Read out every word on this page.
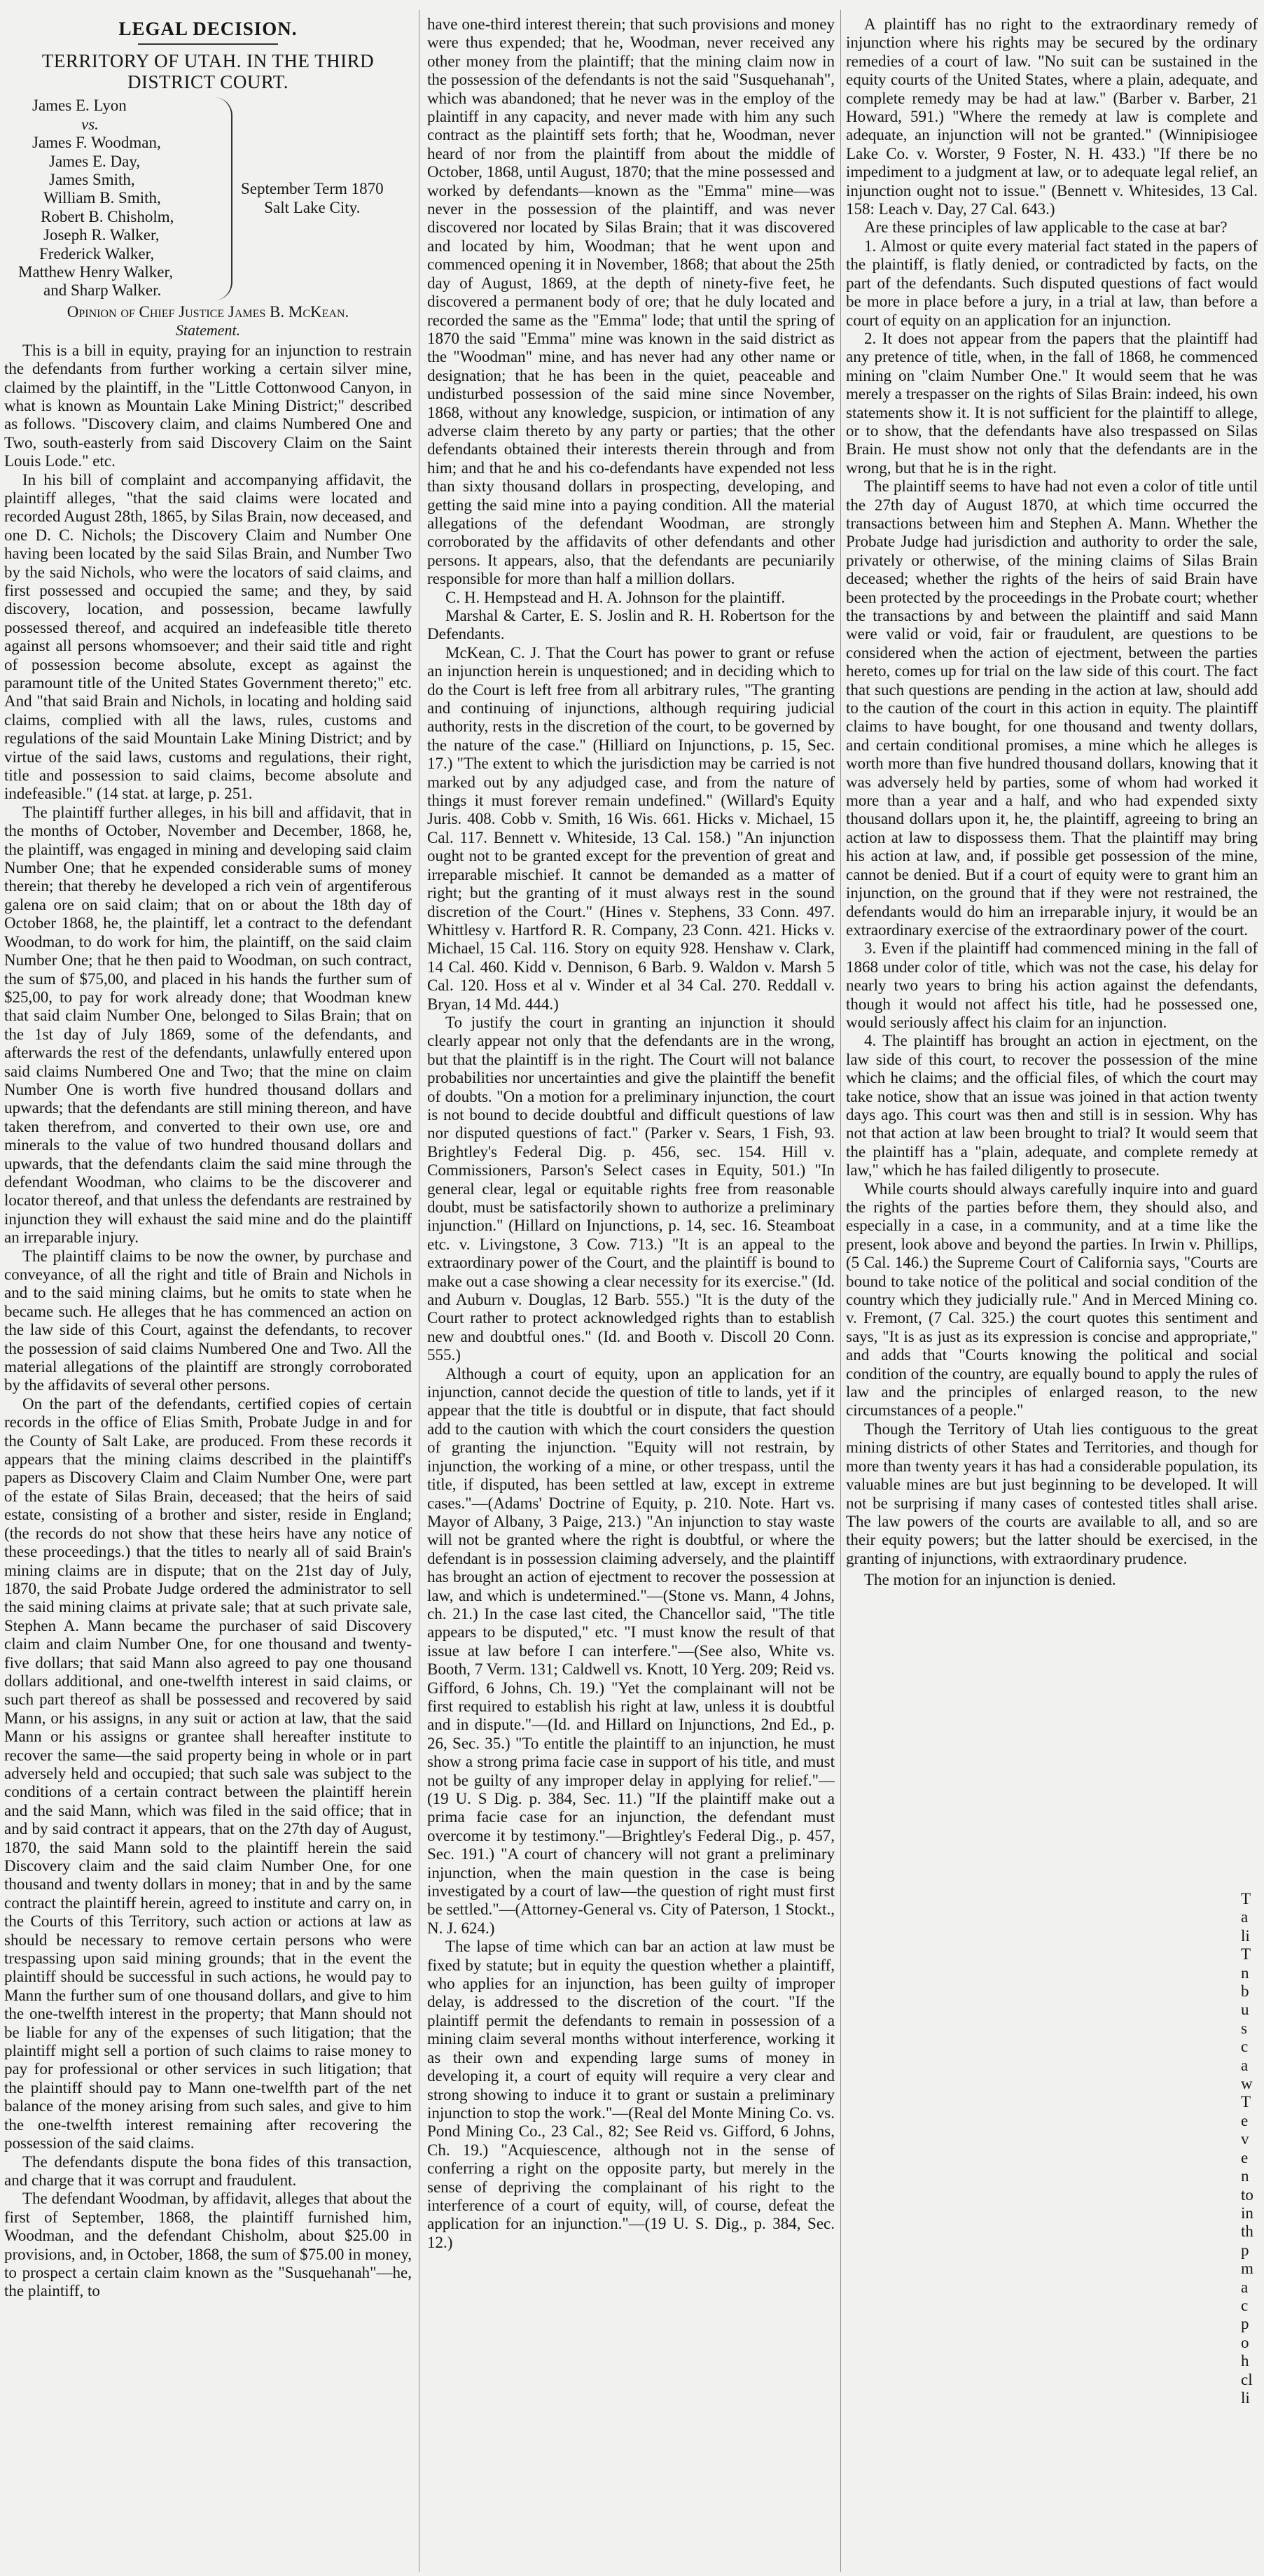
LEGAL DECISION.

TERRITORY OF UTAH. IN THE THIRD DISTRICT COURT.

James E. Lyon
vs.
James F. Woodman,
James E. Day,
James Smith,
William B. Smith,
Robert B. Chisholm,
Joseph R. Walker,
Frederick Walker,
Matthew Henry Walker,
and Sharp Walker.
September Term 1870
Salt Lake City.

Opinion of Chief Justice James B. McKean.

Statement.

This is a bill in equity, praying for an injunction to restrain the defendants from further working a certain silver mine, claimed by the plaintiff, in the "Little Cottonwood Canyon, in what is known as Mountain Lake Mining District;" described as follows. "Discovery claim, and claims Numbered One and Two, south-easterly from said Discovery Claim on the Saint Louis Lode." etc.

In his bill of complaint and accompanying affidavit, the plaintiff alleges, "that the said claims were located and recorded August 28th, 1865, by Silas Brain, now deceased, and one D. C. Nichols; the Discovery Claim and Number One having been located by the said Silas Brain, and Number Two by the said Nichols, who were the locators of said claims, and first possessed and occupied the same; and they, by said discovery, location, and possession, became lawfully possessed thereof, and acquired an indefeasible title thereto against all persons whomsoever; and their said title and right of possession become absolute, except as against the paramount title of the United States Government thereto;" etc. And "that said Brain and Nichols, in locating and holding said claims, complied with all the laws, rules, customs and regulations of the said Mountain Lake Mining District; and by virtue of the said laws, customs and regulations, their right, title and possession to said claims, become absolute and indefeasible." (14 stat. at large, p. 251.

The plaintiff further alleges, in his bill and affidavit, that in the months of October, November and December, 1868, he, the plaintiff, was engaged in mining and developing said claim Number One; that he expended considerable sums of money therein; that thereby he developed a rich vein of argentiferous galena ore on said claim; that on or about the 18th day of October 1868, he, the plaintiff, let a contract to the defendant Woodman, to do work for him, the plaintiff, on the said claim Number One; that he then paid to Woodman, on such contract, the sum of $75,00, and placed in his hands the further sum of $25,00, to pay for work already done; that Woodman knew that said claim Number One, belonged to Silas Brain; that on the 1st day of July 1869, some of the defendants, and afterwards the rest of the defendants, unlawfully entered upon said claims Numbered One and Two; that the mine on claim Number One is worth five hundred thousand dollars and upwards; that the defendants are still mining thereon, and have taken therefrom, and converted to their own use, ore and minerals to the value of two hundred thousand dollars and upwards, that the defendants claim the said mine through the defendant Woodman, who claims to be the discoverer and locator thereof, and that unless the defendants are restrained by injunction they will exhaust the said mine and do the plaintiff an irreparable injury.

The plaintiff claims to be now the owner, by purchase and conveyance, of all the right and title of Brain and Nichols in and to the said mining claims, but he omits to state when he became such. He alleges that he has commenced an action on the law side of this Court, against the defendants, to recover the possession of said claims Numbered One and Two. All the material allegations of the plaintiff are strongly corroborated by the affidavits of several other persons.

On the part of the defendants, certified copies of certain records in the office of Elias Smith, Probate Judge in and for the County of Salt Lake, are produced. From these records it appears that the mining claims described in the plaintiff's papers as Discovery Claim and Claim Number One, were part of the estate of Silas Brain, deceased; that the heirs of said estate, consisting of a brother and sister, reside in England; (the records do not show that these heirs have any notice of these proceedings.) that the titles to nearly all of said Brain's mining claims are in dispute; that on the 21st day of July, 1870, the said Probate Judge ordered the administrator to sell the said mining claims at private sale; that at such private sale, Stephen A. Mann became the purchaser of said Discovery claim and claim Number One, for one thousand and twenty-five dollars; that said Mann also agreed to pay one thousand dollars additional, and one-twelfth interest in said claims, or such part thereof as shall be possessed and recovered by said Mann, or his assigns, in any suit or action at law, that the said Mann or his assigns or grantee shall hereafter institute to recover the same—the said property being in whole or in part adversely held and occupied; that such sale was subject to the conditions of a certain contract between the plaintiff herein and the said Mann, which was filed in the said office; that in and by said contract it appears, that on the 27th day of August, 1870, the said Mann sold to the plaintiff herein the said Discovery claim and the said claim Number One, for one thousand and twenty dollars in money; that in and by the same contract the plaintiff herein, agreed to institute and carry on, in the Courts of this Territory, such action or actions at law as should be necessary to remove certain persons who were trespassing upon said mining grounds; that in the event the plaintiff should be successful in such actions, he would pay to Mann the further sum of one thousand dollars, and give to him the one-twelfth interest in the property; that Mann should not be liable for any of the expenses of such litigation; that the plaintiff might sell a portion of such claims to raise money to pay for professional or other services in such litigation; that the plaintiff should pay to Mann one-twelfth part of the net balance of the money arising from such sales, and give to him the one-twelfth interest remaining after recovering the possession of the said claims.

The defendants dispute the bona fides of this transaction, and charge that it was corrupt and fraudulent.

The defendant Woodman, by affidavit, alleges that about the first of September, 1868, the plaintiff furnished him, Woodman, and the defendant Chisholm, about $25.00 in provisions, and, in October, 1868, the sum of $75.00 in money, to prospect a certain claim known as the "Susquehanah"—he, the plaintiff, to

have one-third interest therein; that such provisions and money were thus expended; that he, Woodman, never received any other money from the plaintiff; that the mining claim now in the possession of the defendants is not the said "Susquehanah", which was abandoned; that he never was in the employ of the plaintiff in any capacity, and never made with him any such contract as the plaintiff sets forth; that he, Woodman, never heard of nor from the plaintiff from about the middle of October, 1868, until August, 1870; that the mine possessed and worked by defendants—known as the "Emma" mine—was never in the possession of the plaintiff, and was never discovered nor located by Silas Brain; that it was discovered and located by him, Woodman; that he went upon and commenced opening it in November, 1868; that about the 25th day of August, 1869, at the depth of ninety-five feet, he discovered a permanent body of ore; that he duly located and recorded the same as the "Emma" lode; that until the spring of 1870 the said "Emma" mine was known in the said district as the "Woodman" mine, and has never had any other name or designation; that he has been in the quiet, peaceable and undisturbed possession of the said mine since November, 1868, without any knowledge, suspicion, or intimation of any adverse claim thereto by any party or parties; that the other defendants obtained their interests therein through and from him; and that he and his co-defendants have expended not less than sixty thousand dollars in prospecting, developing, and getting the said mine into a paying condition. All the material allegations of the defendant Woodman, are strongly corroborated by the affidavits of other defendants and other persons. It appears, also, that the defendants are pecuniarily responsible for more than half a million dollars.

C. H. Hempstead and H. A. Johnson for the plaintiff.

Marshal & Carter, E. S. Joslin and R. H. Robertson for the Defendants.

McKean, C. J. That the Court has power to grant or refuse an injunction herein is unquestioned; and in deciding which to do the Court is left free from all arbitrary rules, "The granting and continuing of injunctions, although requiring judicial authority, rests in the discretion of the court, to be governed by the nature of the case." (Hilliard on Injunctions, p. 15, Sec. 17.) "The extent to which the jurisdiction may be carried is not marked out by any adjudged case, and from the nature of things it must forever remain undefined." (Willard's Equity Juris. 408. Cobb v. Smith, 16 Wis. 661. Hicks v. Michael, 15 Cal. 117. Bennett v. Whiteside, 13 Cal. 158.) "An injunction ought not to be granted except for the prevention of great and irreparable mischief. It cannot be demanded as a matter of right; but the granting of it must always rest in the sound discretion of the Court." (Hines v. Stephens, 33 Conn. 497. Whittlesy v. Hartford R. R. Company, 23 Conn. 421. Hicks v. Michael, 15 Cal. 116. Story on equity 928. Henshaw v. Clark, 14 Cal. 460. Kidd v. Dennison, 6 Barb. 9. Waldon v. Marsh 5 Cal. 120. Hoss et al v. Winder et al 34 Cal. 270. Reddall v. Bryan, 14 Md. 444.)

To justify the court in granting an injunction it should clearly appear not only that the defendants are in the wrong, but that the plaintiff is in the right. The Court will not balance probabilities nor uncertainties and give the plaintiff the benefit of doubts. "On a motion for a preliminary injunction, the court is not bound to decide doubtful and difficult questions of law nor disputed questions of fact." (Parker v. Sears, 1 Fish, 93. Brightley's Federal Dig. p. 456, sec. 154. Hill v. Commissioners, Parson's Select cases in Equity, 501.) "In general clear, legal or equitable rights free from reasonable doubt, must be satisfactorily shown to authorize a preliminary injunction." (Hillard on Injunctions, p. 14, sec. 16. Steamboat etc. v. Livingstone, 3 Cow. 713.) "It is an appeal to the extraordinary power of the Court, and the plaintiff is bound to make out a case showing a clear necessity for its exercise." (Id. and Auburn v. Douglas, 12 Barb. 555.) "It is the duty of the Court rather to protect acknowledged rights than to establish new and doubtful ones." (Id. and Booth v. Discoll 20 Conn. 555.)

Although a court of equity, upon an application for an injunction, cannot decide the question of title to lands, yet if it appear that the title is doubtful or in dispute, that fact should add to the caution with which the court considers the question of granting the injunction. "Equity will not restrain, by injunction, the working of a mine, or other trespass, until the title, if disputed, has been settled at law, except in extreme cases."—(Adams' Doctrine of Equity, p. 210. Note. Hart vs. Mayor of Albany, 3 Paige, 213.) "An injunction to stay waste will not be granted where the right is doubtful, or where the defendant is in possession claiming adversely, and the plaintiff has brought an action of ejectment to recover the possession at law, and which is undetermined."—(Stone vs. Mann, 4 Johns, ch. 21.) In the case last cited, the Chancellor said, "The title appears to be disputed," etc. "I must know the result of that issue at law before I can interfere."—(See also, White vs. Booth, 7 Verm. 131; Caldwell vs. Knott, 10 Yerg. 209; Reid vs. Gifford, 6 Johns, Ch. 19.) "Yet the complainant will not be first required to establish his right at law, unless it is doubtful and in dispute."—(Id. and Hillard on Injunctions, 2nd Ed., p. 26, Sec. 35.) "To entitle the plaintiff to an injunction, he must show a strong prima facie case in support of his title, and must not be guilty of any improper delay in applying for relief."—(19 U. S Dig. p. 384, Sec. 11.) "If the plaintiff make out a prima facie case for an injunction, the defendant must overcome it by testimony."—Brightley's Federal Dig., p. 457, Sec. 191.) "A court of chancery will not grant a preliminary injunction, when the main question in the case is being investigated by a court of law—the question of right must first be settled."—(Attorney-General vs. City of Paterson, 1 Stockt., N. J. 624.)

The lapse of time which can bar an action at law must be fixed by statute; but in equity the question whether a plaintiff, who applies for an injunction, has been guilty of improper delay, is addressed to the discretion of the court. "If the plaintiff permit the defendants to remain in possession of a mining claim several months without interference, working it as their own and expending large sums of money in developing it, a court of equity will require a very clear and strong showing to induce it to grant or sustain a preliminary injunction to stop the work."—(Real del Monte Mining Co. vs. Pond Mining Co., 23 Cal., 82; See Reid vs. Gifford, 6 Johns, Ch. 19.) "Acquiescence, although not in the sense of conferring a right on the opposite party, but merely in the sense of depriving the complainant of his right to the interference of a court of equity, will, of course, defeat the application for an injunction."—(19 U. S. Dig., p. 384, Sec. 12.)

A plaintiff has no right to the extraordinary remedy of injunction where his rights may be secured by the ordinary remedies of a court of law. "No suit can be sustained in the equity courts of the United States, where a plain, adequate, and complete remedy may be had at law." (Barber v. Barber, 21 Howard, 591.) "Where the remedy at law is complete and adequate, an injunction will not be granted." (Winnipisiogee Lake Co. v. Worster, 9 Foster, N. H. 433.) "If there be no impediment to a judgment at law, or to adequate legal relief, an injunction ought not to issue." (Bennett v. Whitesides, 13 Cal. 158: Leach v. Day, 27 Cal. 643.)

Are these principles of law applicable to the case at bar?

1. Almost or quite every material fact stated in the papers of the plaintiff, is flatly denied, or contradicted by facts, on the part of the defendants. Such disputed questions of fact would be more in place before a jury, in a trial at law, than before a court of equity on an application for an injunction.

2. It does not appear from the papers that the plaintiff had any pretence of title, when, in the fall of 1868, he commenced mining on "claim Number One." It would seem that he was merely a trespasser on the rights of Silas Brain: indeed, his own statements show it. It is not sufficient for the plaintiff to allege, or to show, that the defendants have also trespassed on Silas Brain. He must show not only that the defendants are in the wrong, but that he is in the right.

The plaintiff seems to have had not even a color of title until the 27th day of August 1870, at which time occurred the transactions between him and Stephen A. Mann. Whether the Probate Judge had jurisdiction and authority to order the sale, privately or otherwise, of the mining claims of Silas Brain deceased; whether the rights of the heirs of said Brain have been protected by the proceedings in the Probate court; whether the transactions by and between the plaintiff and said Mann were valid or void, fair or fraudulent, are questions to be considered when the action of ejectment, between the parties hereto, comes up for trial on the law side of this court. The fact that such questions are pending in the action at law, should add to the caution of the court in this action in equity. The plaintiff claims to have bought, for one thousand and twenty dollars, and certain conditional promises, a mine which he alleges is worth more than five hundred thousand dollars, knowing that it was adversely held by parties, some of whom had worked it more than a year and a half, and who had expended sixty thousand dollars upon it, he, the plaintiff, agreeing to bring an action at law to dispossess them. That the plaintiff may bring his action at law, and, if possible get possession of the mine, cannot be denied. But if a court of equity were to grant him an injunction, on the ground that if they were not restrained, the defendants would do him an irreparable injury, it would be an extraordinary exercise of the extraordinary power of the court.

3. Even if the plaintiff had commenced mining in the fall of 1868 under color of title, which was not the case, his delay for nearly two years to bring his action against the defendants, though it would not affect his title, had he possessed one, would seriously affect his claim for an injunction.

4. The plaintiff has brought an action in ejectment, on the law side of this court, to recover the possession of the mine which he claims; and the official files, of which the court may take notice, show that an issue was joined in that action twenty days ago. This court was then and still is in session. Why has not that action at law been brought to trial? It would seem that the plaintiff has a "plain, adequate, and complete remedy at law," which he has failed diligently to prosecute.

While courts should always carefully inquire into and guard the rights of the parties before them, they should also, and especially in a case, in a community, and at a time like the present, look above and beyond the parties. In Irwin v. Phillips, (5 Cal. 146.) the Supreme Court of California says, "Courts are bound to take notice of the political and social condition of the country which they judicially rule." And in Merced Mining co. v. Fremont, (7 Cal. 325.) the court quotes this sentiment and says, "It is as just as its expression is concise and appropriate," and adds that "Courts knowing the political and social condition of the country, are equally bound to apply the rules of law and the principles of enlarged reason, to the new circumstances of a people."

Though the Territory of Utah lies contiguous to the great mining districts of other States and Territories, and though for more than twenty years it has had a considerable population, its valuable mines are but just beginning to be developed. It will not be surprising if many cases of contested titles shall arise. The law powers of the courts are available to all, and so are their equity powers; but the latter should be exercised, in the granting of injunctions, with extraordinary prudence.

The motion for an injunction is denied.

T
a
li
T
n
b
u
s
c
a
w
T
e
v
e
n
to
in
th
p
m
a
c
p
o
h
cl
li
